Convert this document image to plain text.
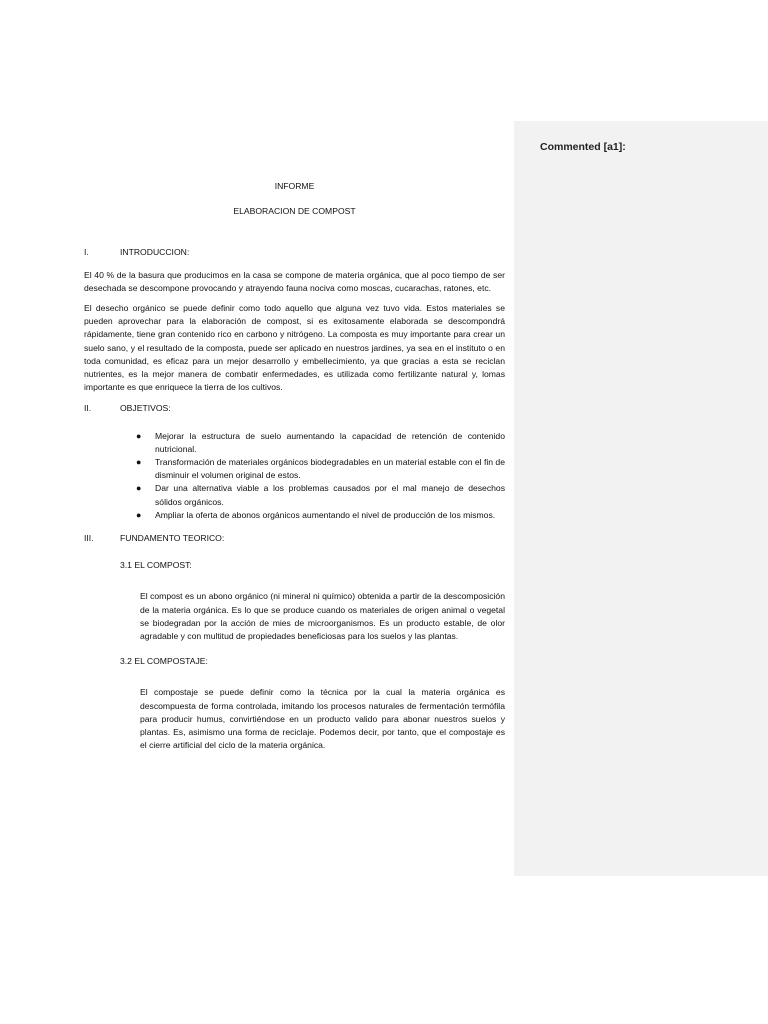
Commented [a1]:

INFORME

ELABORACION DE COMPOST

I.	INTRODUCCION:

El 40 % de la basura que producimos en la casa se compone de materia orgánica, que al poco tiempo de ser desechada se descompone provocando y atrayendo fauna nociva como moscas, cucarachas, ratones, etc.

El desecho orgánico se puede definir como todo aquello que alguna vez tuvo vida. Estos materiales se pueden aprovechar para la elaboración de compost, si es exitosamente elaborada se descompondrá rápidamente, tiene gran contenido rico en carbono y nitrógeno. La composta es muy importante para crear un suelo sano, y el resultado de la composta, puede ser aplicado en nuestros jardines, ya sea en el instituto o en toda comunidad, es eficaz para un mejor desarrollo y embellecimiento, ya que gracias a esta se reciclan nutrientes, es la mejor manera de combatir enfermedades, es utilizada como fertilizante natural y, lomas importante es que enriquece la tierra de los cultivos.

II.	OBJETIVOS:
● Mejorar la estructura de suelo aumentando la capacidad de retención de contenido nutricional.
● Transformación de materiales orgánicos biodegradables en un material estable con el fin de disminuir el volumen original de estos.
● Dar una alternativa viable a los problemas causados por el mal manejo de desechos sólidos orgánicos.
● Ampliar la oferta de abonos orgánicos aumentando el nivel de producción de los mismos.
III.	FUNDAMENTO TEORICO:
3.1 EL COMPOST:

El compost es un abono orgánico (ni mineral ni químico) obtenida a partir de la descomposición de la materia orgánica. Es lo que se produce cuando os materiales de origen animal o vegetal se biodegradan por la acción de mies de microorganismos. Es un producto estable, de olor agradable y con multitud de propiedades beneficiosas para los suelos y las plantas.

3.2 EL COMPOSTAJE:

El compostaje se puede definir como la técnica por la cual la materia orgánica es descompuesta de forma controlada, imitando los procesos naturales de fermentación termófila para producir humus, convirtiéndose en un producto valido para abonar nuestros suelos y plantas. Es, asimismo una forma de reciclaje. Podemos decir, por tanto, que el compostaje es el cierre artificial del ciclo de la materia orgánica.
